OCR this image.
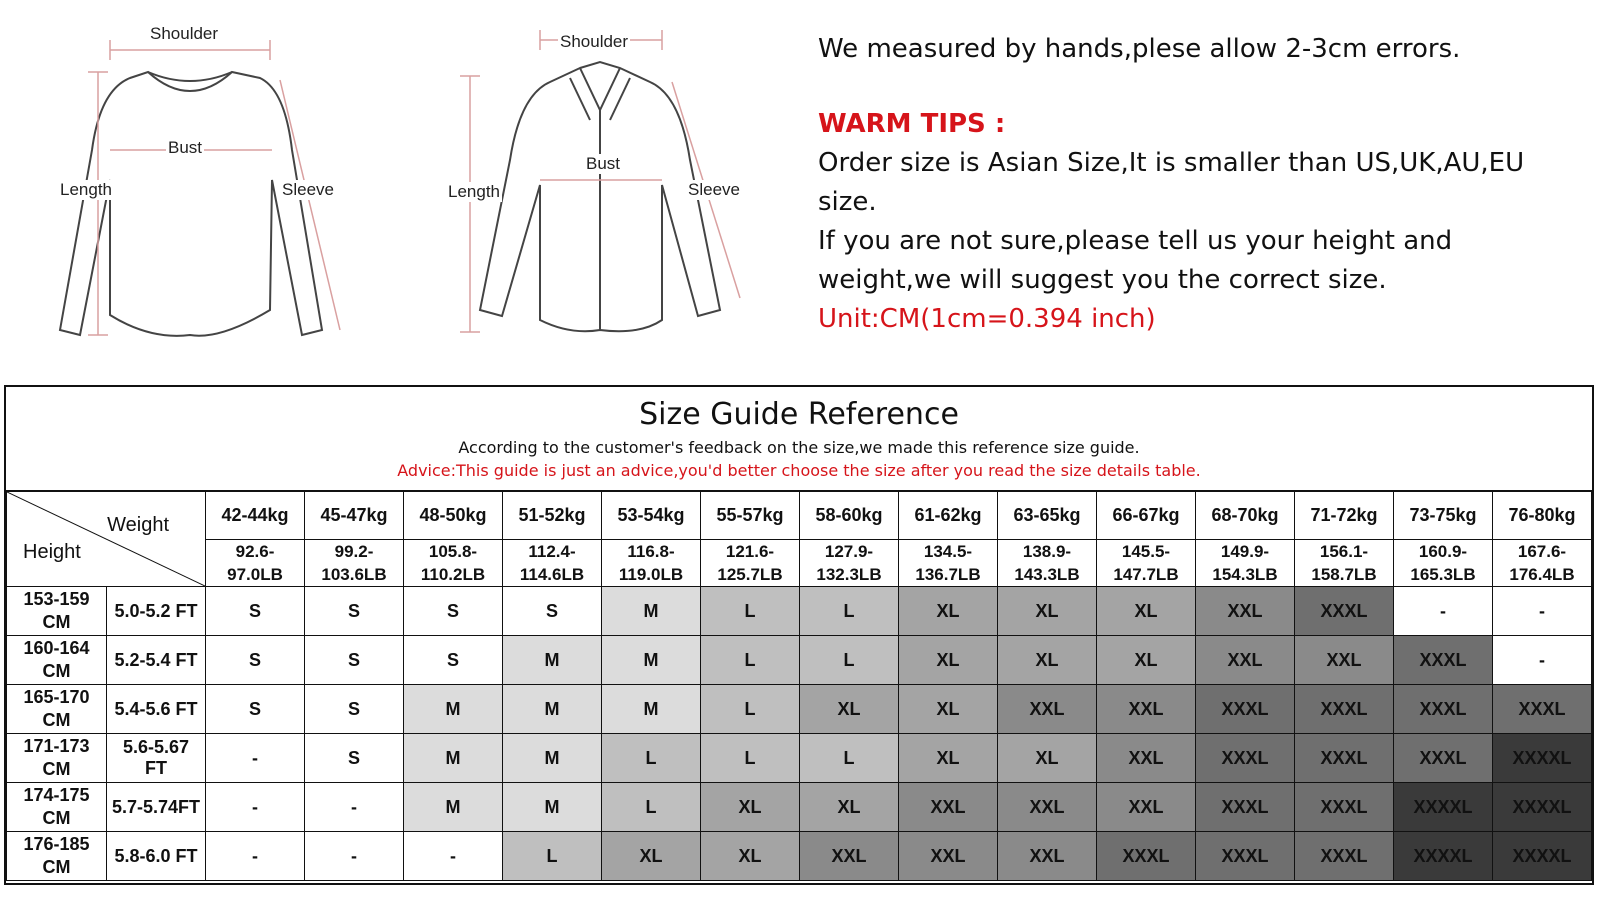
Shoulder
Bust
Length	Sleeve
Shoulder
Bust
Length	Sleeve
We measured by hands,plese allow 2-3cm errors.
WARM TIPS :

Order size is Asian Size,It is smaller than US,UK,AU,EU size.

If you are not sure,please tell us your height and weight,we will suggest you the correct size.

Unit:CM(1cm=0.394 inch)

Size Guide Reference
According to the customer's feedback on the size,we made this reference size guide.
Advice:This guide is just an advice,you'd better choose the size after you read the size details table.
Weight
Height		42-44kg	45-47kg	48-50kg	51-52kg	53-54kg	55-57kg	58-60kg	61-62kg	63-65kg	66-67kg	68-70kg	71-72kg	73-75kg	76-80kg
		92.6-
97.0LB	99.2-
103.6LB	105.8-
110.2LB	112.4-
114.6LB	116.8-
119.0LB	121.6-
125.7LB	127.9-
132.3LB	134.5-
136.7LB	138.9-
143.3LB	145.5-
147.7LB	149.9-
154.3LB	156.1-
158.7LB	160.9-
165.3LB	167.6-
176.4LB
153-159
CM	5.0-5.2 FT	S	S	S	S	M	L	L	XL	XL	XL	XXL	XXXL	-	-
160-164
CM	5.2-5.4 FT	S	S	S	M	M	L	L	XL	XL	XL	XXL	XXL	XXXL	-
165-170
CM	5.4-5.6 FT	S	S	M	M	M	L	XL	XL	XXL	XXL	XXXL	XXXL	XXXL	XXXL
171-173
CM	5.6-5.67
FT	-	S	M	M	L	L	L	XL	XL	XXL	XXXL	XXXL	XXXL	XXXXL
174-175
CM	5.7-5.74FT	-	-	M	M	L	XL	XL	XXL	XXL	XXL	XXXL	XXXL	XXXXL	XXXXL
176-185
CM	5.8-6.0 FT	-	-	-	L	XL	XL	XXL	XXL	XXL	XXXL	XXXL	XXXL	XXXXL	XXXXL
